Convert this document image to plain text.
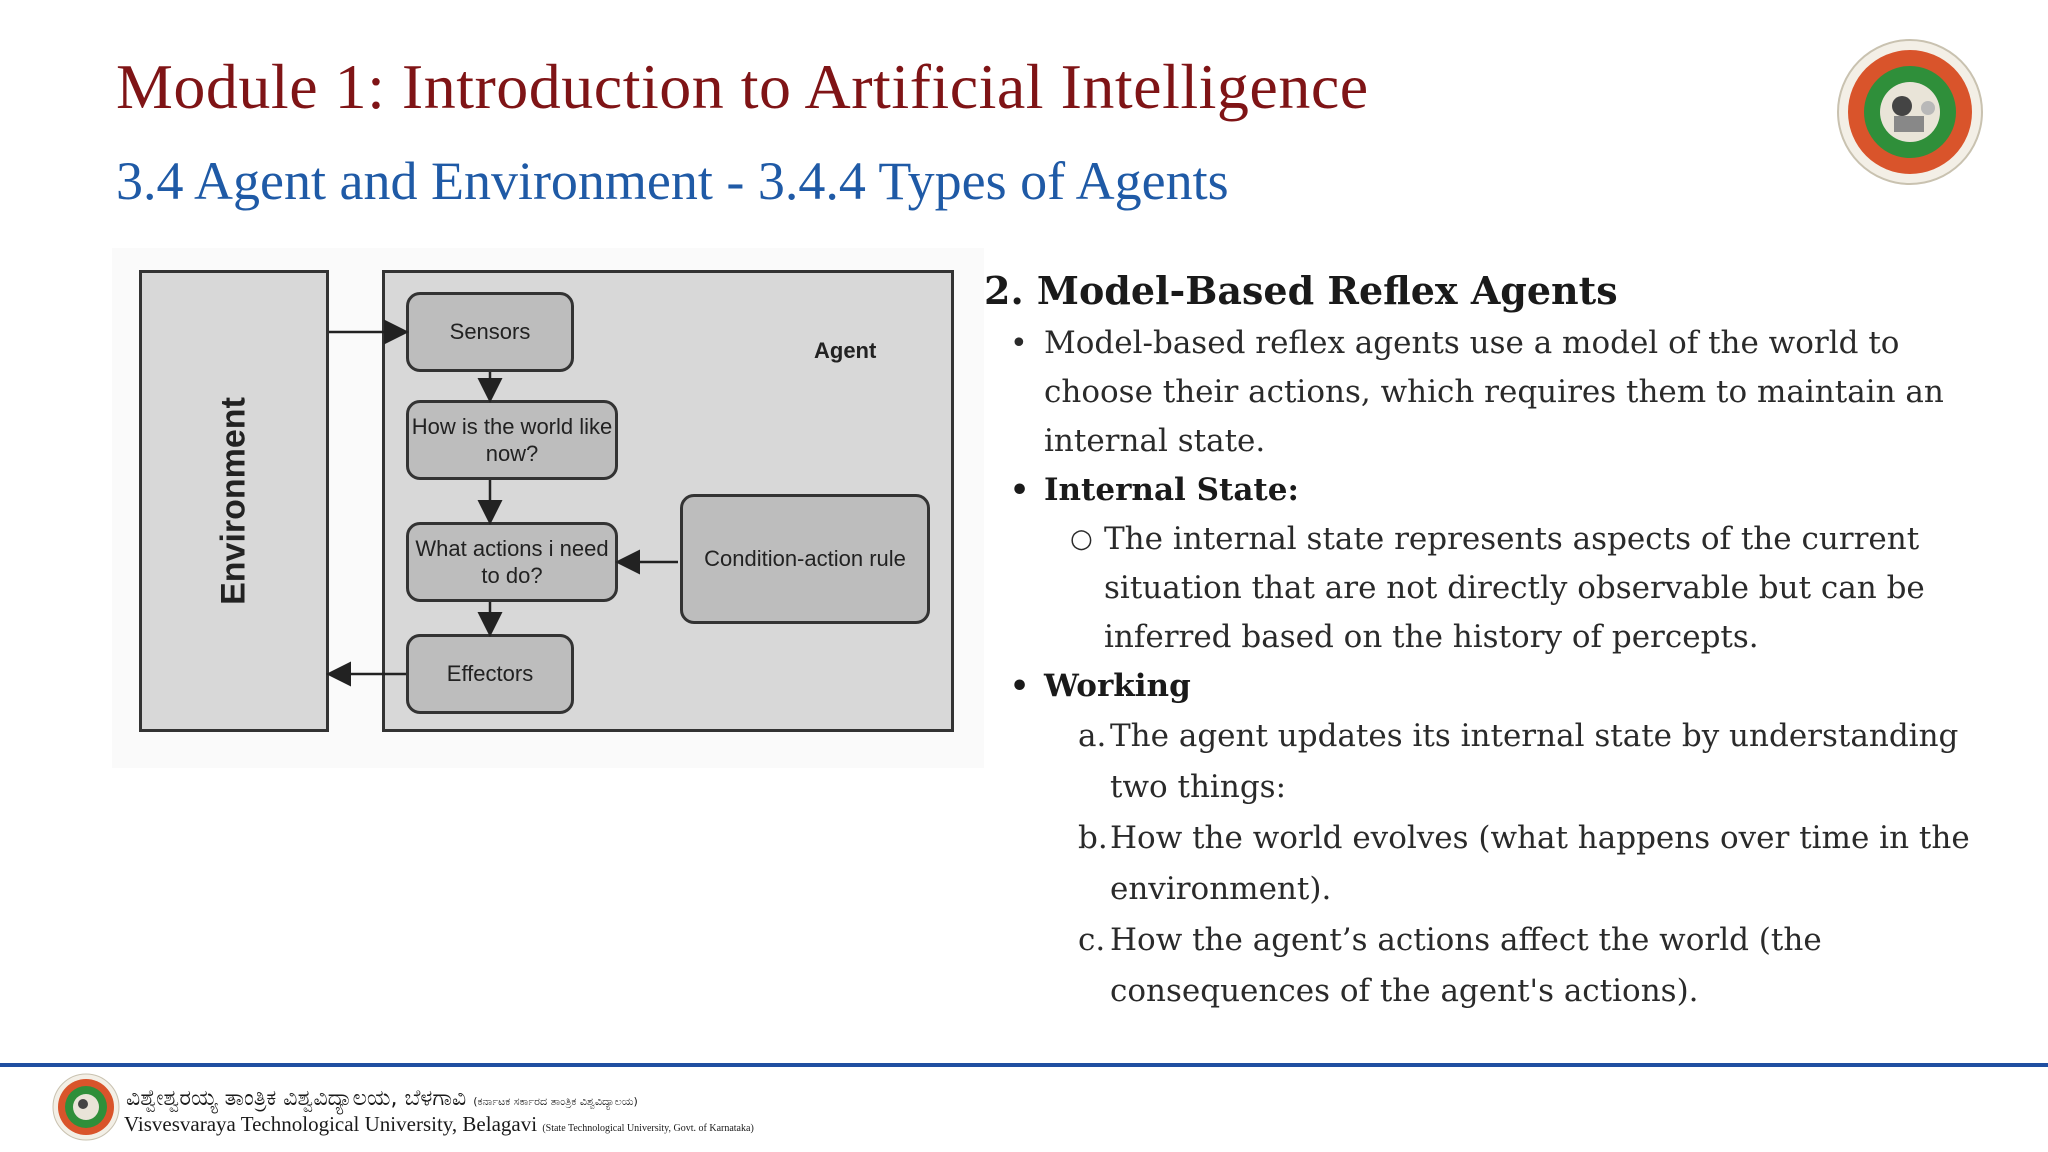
Module 1: Introduction to Artificial Intelligence
3.4 Agent and Environment - 3.4.4 Types of Agents
Environment
Agent
Sensors
How is the world like now?
What actions i need to do?
Condition-action rule
Effectors

2. Model-Based Reflex Agents

• Model-based reflex agents use a model of the world to choose their actions, which requires them to maintain an internal state.

• Internal State:

○ The internal state represents aspects of the current situation that are not directly observable but can be inferred based on the history of percepts.

• Working

a. The agent updates its internal state by understanding two things:

b. How the world evolves (what happens over time in the environment).

c. How the agent’s actions affect the world (the consequences of the agent's actions).

ವಿಶ್ವೇಶ್ವರಯ್ಯ ತಾಂತ್ರಿಕ ವಿಶ್ವವಿದ್ಯಾಲಯ, ಬೆಳಗಾವಿ (ಕರ್ನಾಟಕ ಸರ್ಕಾರದ ತಾಂತ್ರಿಕ ವಿಶ್ವವಿದ್ಯಾಲಯ)
Visvesvaraya Technological University, Belagavi (State Technological University, Govt. of Karnataka)
